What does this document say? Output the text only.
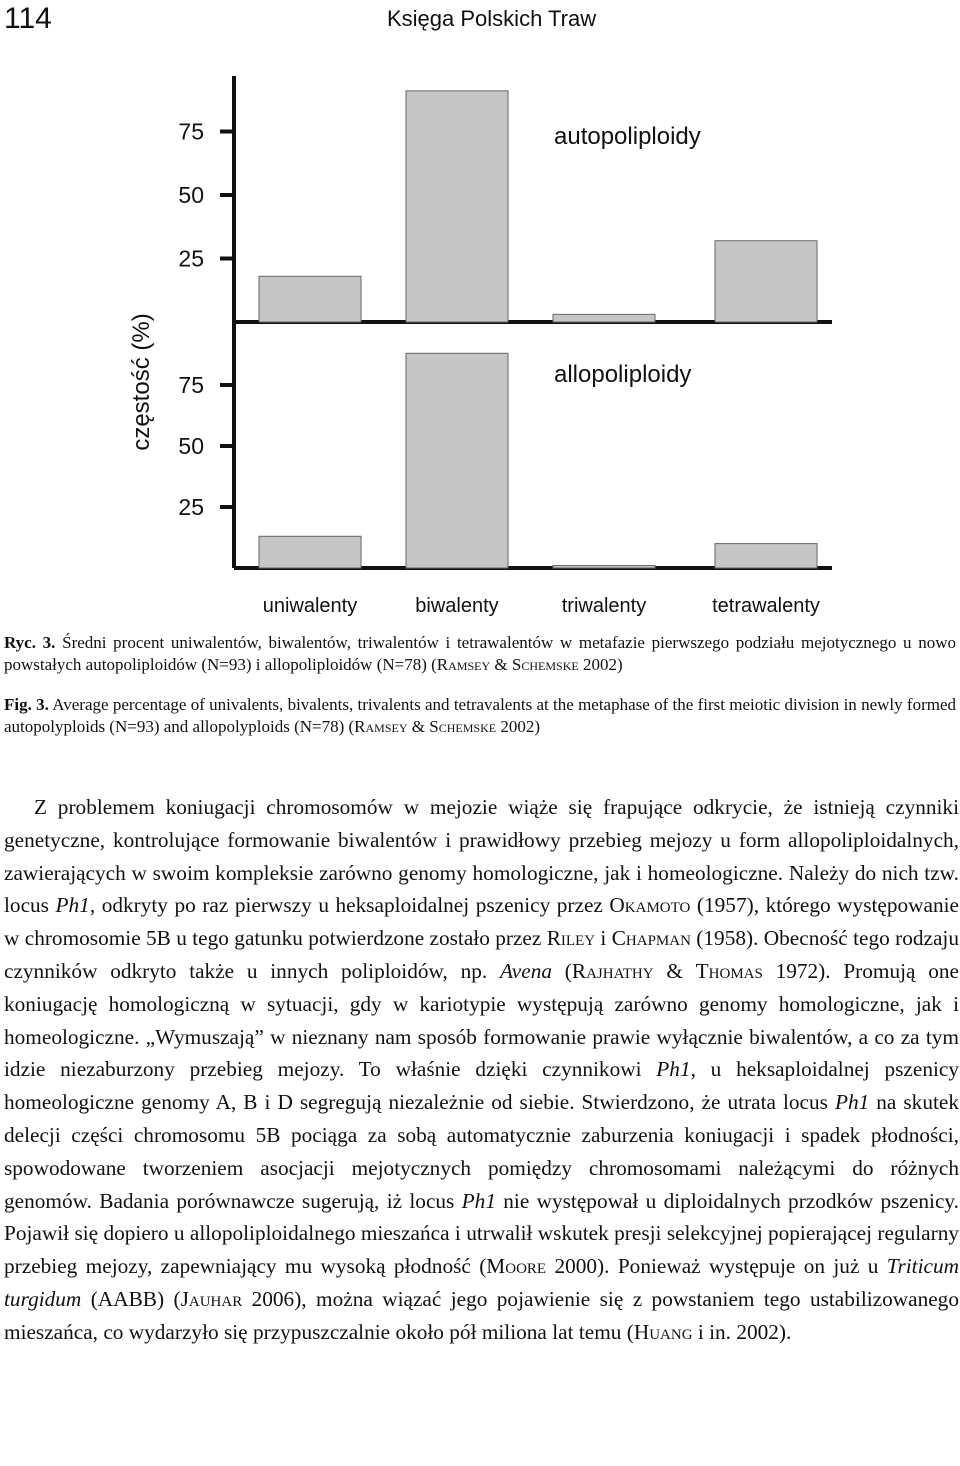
114	Księga Polskich Traw
częstość (%)
25
50
75	autopoliploidy
25
50
75	allopoliploidy
uniwalenty	biwalenty	triwalenty	tetrawalenty
Ryc. 3. Średni procent uniwalentów, biwalentów, triwalentów i tetrawalentów w metafazie pierwszego podziału mejotycznego u nowo powstałych autopoliploidów (N=93) i allopoliploidów (N=78) (Ramsey & Schemske 2002)
Fig. 3. Average percentage of univalents, bivalents, trivalents and tetravalents at the metaphase of the first meiotic division in newly formed autopolyploids (N=93) and allopolyploids (N=78) (Ramsey & Schemske 2002)

Z problemem koniugacji chromosomów w mejozie wiąże się frapujące odkrycie, że istnieją czynniki genetyczne, kontrolujące formowanie biwalentów i prawidłowy przebieg mejozy u form allopoliploidalnych, zawierających w swoim kompleksie zarówno genomy homologiczne, jak i homeologiczne. Należy do nich tzw. locus Ph1, odkryty po raz pierwszy u heksaploidalnej pszenicy przez Okamoto (1957), którego występowanie w chromosomie 5B u tego gatunku potwierdzone zostało przez Riley i Chapman (1958). Obecność tego rodzaju czynników odkryto także u innych poliploidów, np. Avena (Rajhathy & Thomas 1972). Promują one koniugację homologiczną w sytuacji, gdy w kariotypie występują zarówno genomy homologiczne, jak i homeologiczne. „Wymuszają” w nieznany nam sposób formowanie prawie wyłącznie biwalentów, a co za tym idzie niezaburzony przebieg mejozy. To właśnie dzięki czynnikowi Ph1, u heksaploidalnej pszenicy homeologiczne genomy A, B i D segregują niezależnie od siebie. Stwierdzono, że utrata locus Ph1 na skutek delecji części chromosomu 5B pociąga za sobą automatycznie zaburzenia koniugacji i spadek płodności, spowodowane tworzeniem asocjacji mejotycznych pomiędzy chromosomami należącymi do różnych genomów. Badania porównawcze sugerują, iż locus Ph1 nie występował u diploidalnych przodków pszenicy. Pojawił się dopiero u allopoliploidalnego mieszańca i utrwalił wskutek presji selekcyjnej popierającej regularny przebieg mejozy, zapewniający mu wysoką płodność (Moore 2000). Ponieważ występuje on już u Triticum turgidum (AABB) (Jauhar 2006), można wiązać jego pojawienie się z powstaniem tego ustabilizowanego mieszańca, co wydarzyło się przypuszczalnie około pół miliona lat temu (Huang i in. 2002).
